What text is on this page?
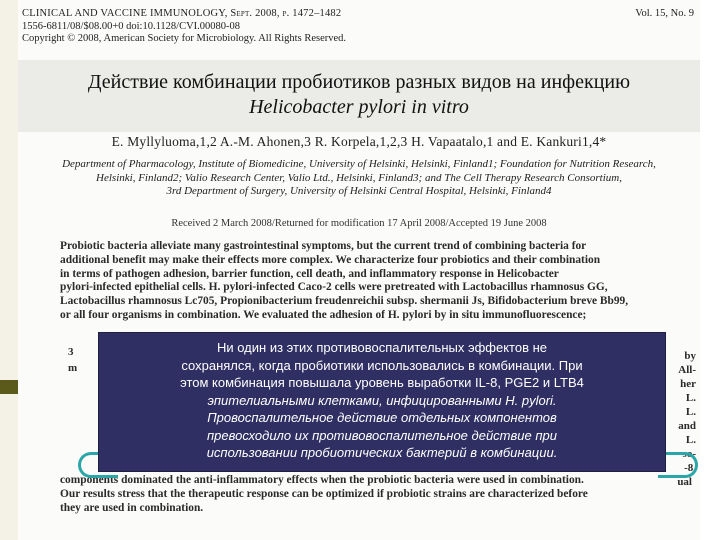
CLINICAL AND VACCINE IMMUNOLOGY, Sept. 2008, p. 1472–1482	Vol. 15, No. 9
1556-6811/08/$08.00+0 doi:10.1128/CVI.00080-08
Copyright © 2008, American Society for Microbiology. All Rights Reserved.
Действие комбинации пробиотиков разных видов на инфекцию
Helicobacter pylori in vitro
E. Myllyluoma,1,2 A.-M. Ahonen,3 R. Korpela,1,2,3 H. Vapaatalo,1 and E. Kankuri1,4*
Department of Pharmacology, Institute of Biomedicine, University of Helsinki, Helsinki, Finland1; Foundation for Nutrition Research,
Helsinki, Finland2; Valio Research Center, Valio Ltd., Helsinki, Finland3; and The Cell Therapy Research Consortium,
3rd Department of Surgery, University of Helsinki Central Hospital, Helsinki, Finland4
Received 2 March 2008/Returned for modification 17 April 2008/Accepted 19 June 2008
Probiotic bacteria alleviate many gastrointestinal symptoms, but the current trend of combining bacteria for
additional benefit may make their effects more complex. We characterize four probiotics and their combination
in terms of pathogen adhesion, barrier function, cell death, and inflammatory response in Helicobacter
pylori-infected epithelial cells. H. pylori-infected Caco-2 cells were pretreated with Lactobacillus rhamnosus GG,
Lactobacillus rhamnosus Lc705, Propionibacterium freudenreichii subsp. shermanii Js, Bifidobacterium breve Bb99,
or all four organisms in combination. We evaluated the adhesion of H. pylori by in situ immunofluorescence;
by
All-
her
L.
L.
and
L.
so-
-8,
ual
3
m
components dominated the anti-inflammatory effects when the probiotic bacteria were used in combination.
Our results stress that the therapeutic response can be optimized if probiotic strains are characterized before
they are used in combination.
Ни один из этих противовоспалительных эффектов не
сохранялся, когда пробиотики использовались в комбинации. При
этом комбинация повышала уровень выработки IL-8, PGE2 и LTB4
эпителиальными клетками, инфицированными H. pylori.
Провоспалительное действие отдельных компонентов
превосходило их противовоспалительное действие при
использовании пробиотических бактерий в комбинации.
